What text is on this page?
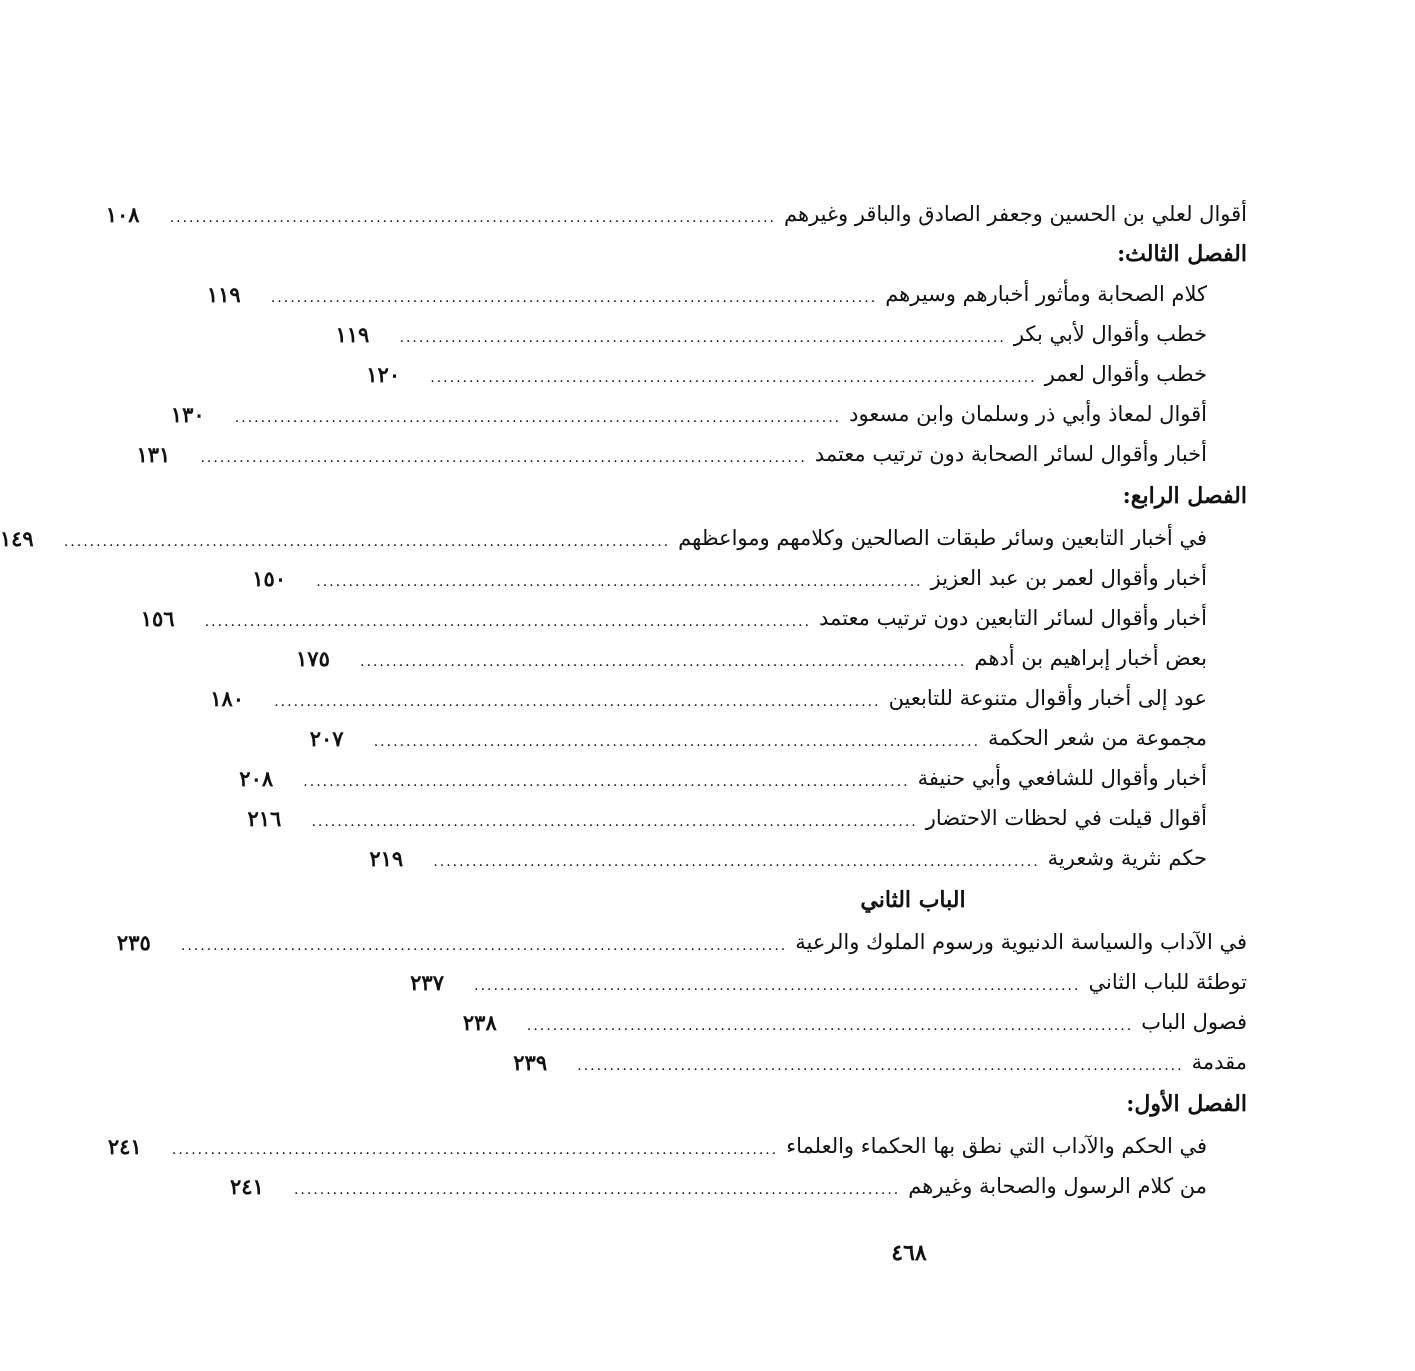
أقوال لعلي بن الحسين وجعفر الصادق والباقر وغيرهم
..............................................................................................
١٠٨
الفصل الثالث:
كلام الصحابة ومأثور أخبارهم وسيرهم
..............................................................................................
١١٩
خطب وأقوال لأبي بكر
..............................................................................................
١١٩
خطب وأقوال لعمر
..............................................................................................
١٢٠
أقوال لمعاذ وأبي ذر وسلمان وابن مسعود
..............................................................................................
١٣٠
أخبار وأقوال لسائر الصحابة دون ترتيب معتمد
..............................................................................................
١٣١
الفصل الرابع:
في أخبار التابعين وسائر طبقات الصالحين وكلامهم ومواعظهم
..............................................................................................
١٤٩
أخبار وأقوال لعمر بن عبد العزيز
..............................................................................................
١٥٠
أخبار وأقوال لسائر التابعين دون ترتيب معتمد
..............................................................................................
١٥٦
بعض أخبار إبراهيم بن أدهم
..............................................................................................
١٧٥
عود إلى أخبار وأقوال متنوعة للتابعين
..............................................................................................
١٨٠
مجموعة من شعر الحكمة
..............................................................................................
٢٠٧
أخبار وأقوال للشافعي وأبي حنيفة
..............................................................................................
٢٠٨
أقوال قيلت في لحظات الاحتضار
..............................................................................................
٢١٦
حكم نثرية وشعرية
..............................................................................................
٢١٩
الباب الثاني
في الآداب والسياسة الدنيوية ورسوم الملوك والرعية
..............................................................................................
٢٣٥
توطئة للباب الثاني
..............................................................................................
٢٣٧
فصول الباب
..............................................................................................
٢٣٨
مقدمة
..............................................................................................
٢٣٩
الفصل الأول:
في الحكم والآداب التي نطق بها الحكماء والعلماء
..............................................................................................
٢٤١
من كلام الرسول والصحابة وغيرهم
..............................................................................................
٢٤١
٤٦٨
